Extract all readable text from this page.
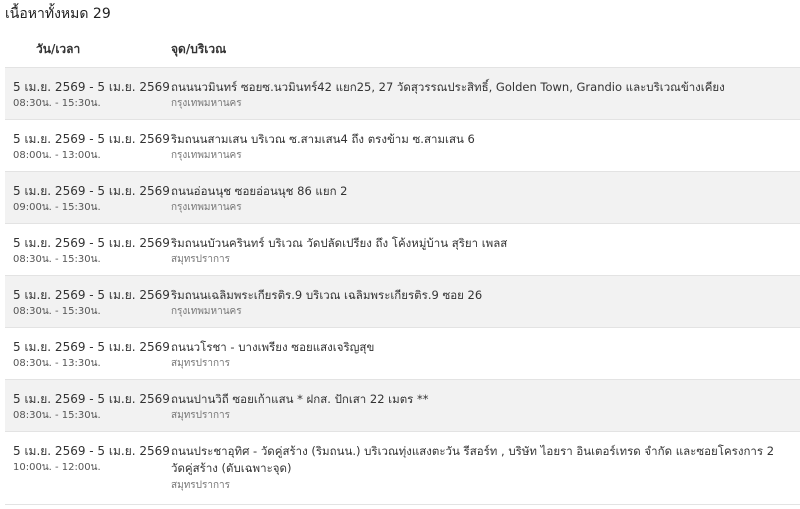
เนื้อหาทั้งหมด 29
วัน/เวลา	จุด/บริเวณ
5 เม.ย. 2569 - 5 เม.ย. 2569
08:30น. - 15:30น.
ถนนนวมินทร์ ซอยซ.นวมินทร์42 แยก25, 27 วัดสุวรรณประสิทธิ์, Golden Town, Grandio และบริเวณข้างเคียง
กรุงเทพมหานคร
5 เม.ย. 2569 - 5 เม.ย. 2569
08:00น. - 13:00น.
ริมถนนสามเสน บริเวณ ซ.สามเสน4 ถึง ตรงข้าม ซ.สามเสน 6
กรุงเทพมหานคร
5 เม.ย. 2569 - 5 เม.ย. 2569
09:00น. - 15:30น.
ถนนอ่อนนุช ซอยอ่อนนุช 86 แยก 2
กรุงเทพมหานคร
5 เม.ย. 2569 - 5 เม.ย. 2569
08:30น. - 15:30น.
ริมถนนบัวนครินทร์ บริเวณ วัดปลัดเปรียง ถึง โค้งหมู่บ้าน สุริยา เพลส
สมุทรปราการ
5 เม.ย. 2569 - 5 เม.ย. 2569
08:30น. - 15:30น.
ริมถนนเฉลิมพระเกียรติร.9 บริเวณ เฉลิมพระเกียรติร.9 ซอย 26
กรุงเทพมหานคร
5 เม.ย. 2569 - 5 เม.ย. 2569
08:30น. - 13:30น.
ถนนวโรชา - บางเพรียง ซอยแสงเจริญสุข
สมุทรปราการ
5 เม.ย. 2569 - 5 เม.ย. 2569
08:30น. - 15:30น.
ถนนปานวิถี ซอยเก้าแสน * ฝกส. ปักเสา 22 เมตร **
สมุทรปราการ
5 เม.ย. 2569 - 5 เม.ย. 2569
10:00น. - 12:00น.
ถนนประชาอุทิศ - วัดคู่สร้าง (ริมถนน.) บริเวณทุ่งแสงตะวัน รีสอร์ท , บริษัท ไอยรา อินเตอร์เทรด จำกัด และซอยโครงการ 2 วัดคู่สร้าง (ดับเฉพาะจุด)
สมุทรปราการ
